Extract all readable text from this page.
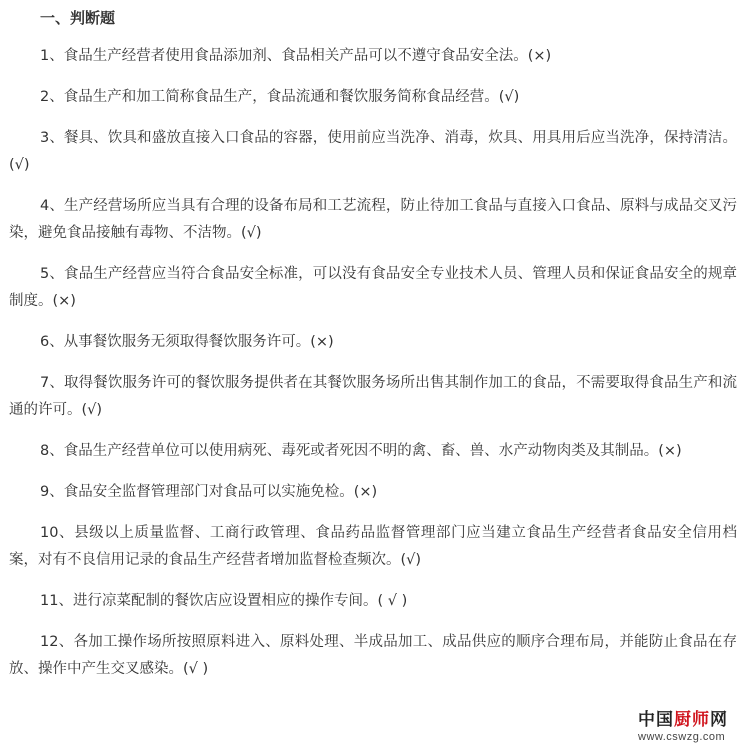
一、判断题

1、食品生产经营者使用食品添加剂、食品相关产品可以不遵守食品安全法。(×)

2、食品生产和加工简称食品生产，食品流通和餐饮服务简称食品经营。(√)

3、餐具、饮具和盛放直接入口食品的容器，使用前应当洗净、消毒，炊具、用具用后应当洗净，保持清洁。(√)

4、生产经营场所应当具有合理的设备布局和工艺流程，防止待加工食品与直接入口食品、原料与成品交叉污染，避免食品接触有毒物、不洁物。(√)

5、食品生产经营应当符合食品安全标准，可以没有食品安全专业技术人员、管理人员和保证食品安全的规章制度。(×)

6、从事餐饮服务无须取得餐饮服务许可。(×)

7、取得餐饮服务许可的餐饮服务提供者在其餐饮服务场所出售其制作加工的食品，不需要取得食品生产和流通的许可。(√)

8、食品生产经营单位可以使用病死、毒死或者死因不明的禽、畜、兽、水产动物肉类及其制品。(×)

9、食品安全监督管理部门对食品可以实施免检。(×)

10、县级以上质量监督、工商行政管理、食品药品监督管理部门应当建立食品生产经营者食品安全信用档案，对有不良信用记录的食品生产经营者增加监督检查频次。(√)

11、进行凉菜配制的餐饮店应设置相应的操作专间。( √ )

12、各加工操作场所按照原料进入、原料处理、半成品加工、成品供应的顺序合理布局，并能防止食品在存放、操作中产生交叉感染。(√ )

中国厨师网
www.cswzg.com
